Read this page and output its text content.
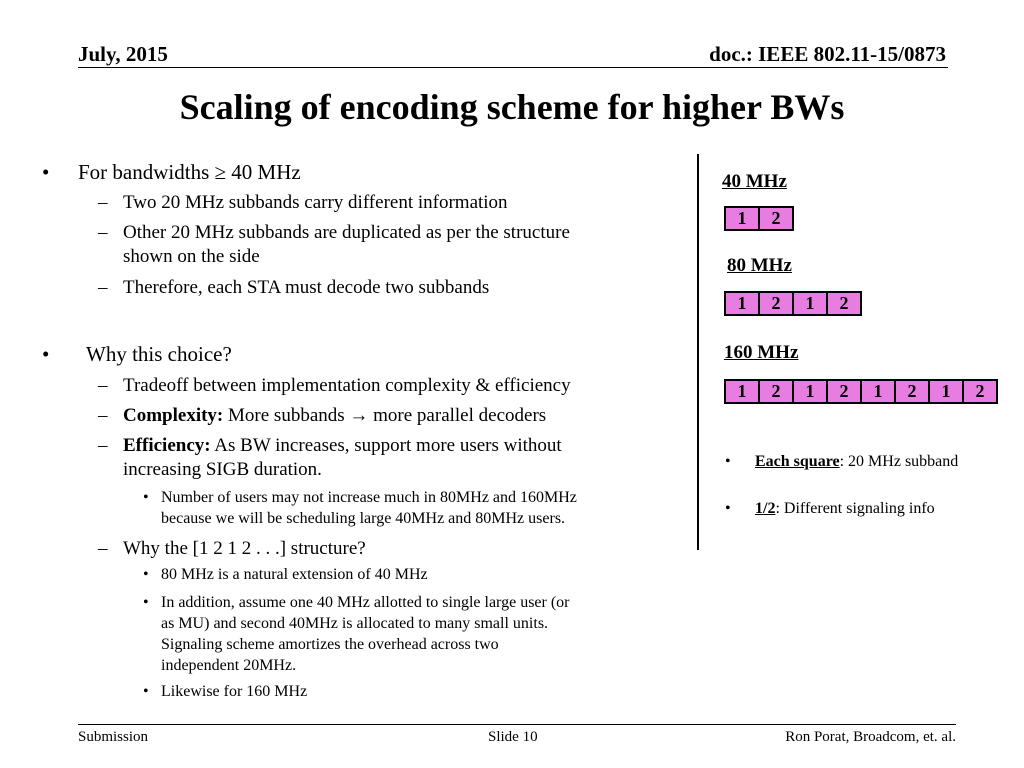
July, 2015	doc.: IEEE 802.11-15/0873
Scaling of encoding scheme for higher BWs
• For bandwidths ≥ 40 MHz
– Two 20 MHz subbands carry different information
– Other 20 MHz subbands are duplicated as per the structure
shown on the side
– Therefore, each STA must decode two subbands
• Why this choice?
– Tradeoff between implementation complexity & efficiency
– Complexity: More subbands → more parallel decoders
– Efficiency: As BW increases, support more users without
increasing SIGB duration.
• Number of users may not increase much in 80MHz and 160MHz
because we will be scheduling large 40MHz and 80MHz users.
– Why the [1 2 1 2 . . .] structure?
• 80 MHz is a natural extension of 40 MHz
• In addition, assume one 40 MHz allotted to single large user (or
as MU) and second 40MHz is allocated to many small units.
Signaling scheme amortizes the overhead across two
independent 20MHz.
• Likewise for 160 MHz
40 MHz
1	2
80 MHz
1	2	1	2
160 MHz
1	2	1	2	1	2	1	2
• Each square: 20 MHz subband
• 1/2: Different signaling info
Submission	Slide 10	Ron Porat, Broadcom, et. al.
